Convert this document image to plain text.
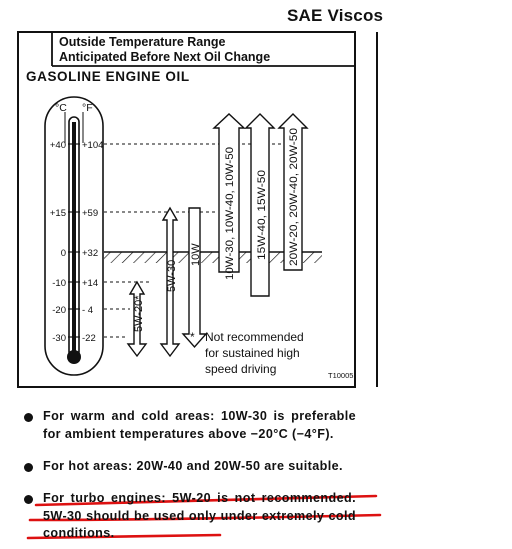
SAE Viscos
Outside Temperature Range
Anticipated Before Next Oil Change
GASOLINE ENGINE OIL
°C °F
+40
+15
0
-10
-20
-30
+104
+59
+32
+14
- 4
-22
5W-20*
5W-30
10W 10W-30, 10W-40, 10W-50 15W-40, 15W-50 20W-20, 20W-40, 20W-50
* Not recommended
for sustained high
speed driving	T10005
For warm and cold areas: 10W-30 is preferable for ambient temperatures above −20°C (−4°F).
For hot areas: 20W-40 and 20W-50 are suitable.
For turbo engines: 5W-20 is not recommended. 5W-30 should be used only under extremely cold conditions.
